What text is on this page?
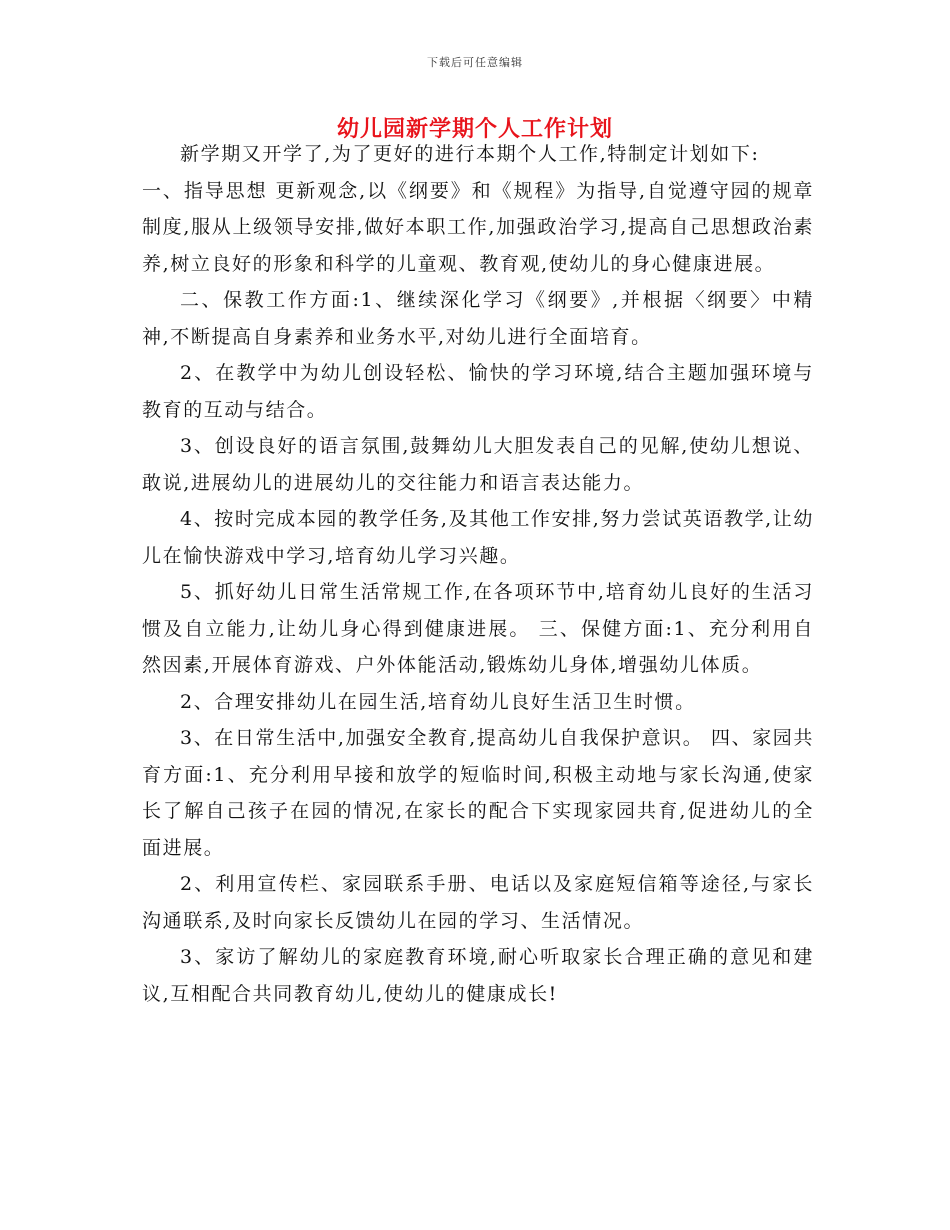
下载后可任意编辑
幼儿园新学期个人工作计划

新学期又开学了,为了更好的进行本期个人工作,特制定计划如下:

一、指导思想 更新观念,以《纲要》和《规程》为指导,自觉遵守园的规章制度,服从上级领导安排,做好本职工作,加强政治学习,提高自己思想政治素养,树立良好的形象和科学的儿童观、教育观,使幼儿的身心健康进展。

二、保教工作方面:1、继续深化学习《纲要》,并根据〈纲要〉中精神,不断提高自身素养和业务水平,对幼儿进行全面培育。

2、在教学中为幼儿创设轻松、愉快的学习环境,结合主题加强环境与教育的互动与结合。

3、创设良好的语言氛围,鼓舞幼儿大胆发表自己的见解,使幼儿想说、敢说,进展幼儿的进展幼儿的交往能力和语言表达能力。

4、按时完成本园的教学任务,及其他工作安排,努力尝试英语教学,让幼儿在愉快游戏中学习,培育幼儿学习兴趣。

5、抓好幼儿日常生活常规工作,在各项环节中,培育幼儿良好的生活习惯及自立能力,让幼儿身心得到健康进展。 三、保健方面:1、充分利用自然因素,开展体育游戏、户外体能活动,锻炼幼儿身体,增强幼儿体质。

2、合理安排幼儿在园生活,培育幼儿良好生活卫生时惯。

3、在日常生活中,加强安全教育,提高幼儿自我保护意识。 四、家园共育方面:1、充分利用早接和放学的短临时间,积极主动地与家长沟通,使家长了解自己孩子在园的情况,在家长的配合下实现家园共育,促进幼儿的全面进展。

2、利用宣传栏、家园联系手册、电话以及家庭短信箱等途径,与家长沟通联系,及时向家长反馈幼儿在园的学习、生活情况。

3、家访了解幼儿的家庭教育环境,耐心听取家长合理正确的意见和建议,互相配合共同教育幼儿,使幼儿的健康成长!
